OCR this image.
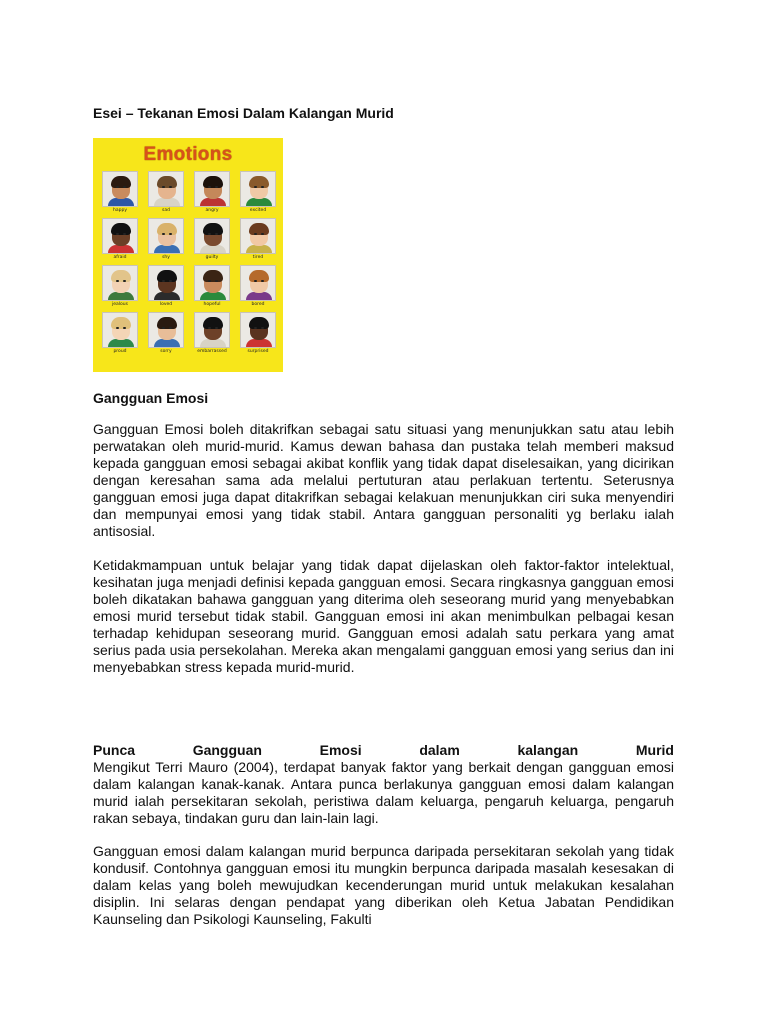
Esei – Tekanan Emosi Dalam Kalangan Murid
Emotions
happy	sad	angry	excited
afraid	shy	guilty	tired
jealous	loved	hopeful	bored
proud	sorry	embarrassed	surprised
Gangguan Emosi

Gangguan Emosi boleh ditakrifkan sebagai satu situasi yang menunjukkan satu atau lebih perwatakan oleh murid-murid. Kamus dewan bahasa dan pustaka telah memberi maksud kepada gangguan emosi sebagai akibat konflik yang tidak dapat diselesaikan, yang dicirikan dengan keresahan sama ada melalui pertuturan atau perlakuan tertentu. Seterusnya gangguan emosi juga dapat ditakrifkan sebagai kelakuan menunjukkan ciri suka menyendiri dan mempunyai emosi yang tidak stabil. Antara gangguan personaliti yg berlaku ialah antisosial.

Ketidakmampuan untuk belajar yang tidak dapat dijelaskan oleh faktor-faktor intelektual, kesihatan juga menjadi definisi kepada gangguan emosi. Secara ringkasnya gangguan emosi boleh dikatakan bahawa gangguan yang diterima oleh seseorang murid yang menyebabkan emosi murid tersebut tidak stabil. Gangguan emosi ini akan menimbulkan pelbagai kesan terhadap kehidupan seseorang murid. Gangguan emosi adalah satu perkara yang amat serius pada usia persekolahan. Mereka akan mengalami gangguan emosi yang serius dan ini menyebabkan stress kepada murid-murid.

Punca	Gangguan	Emosi	dalam	kalangan	Murid

Mengikut Terri Mauro (2004), terdapat banyak faktor yang berkait dengan gangguan emosi dalam kalangan kanak-kanak. Antara punca berlakunya gangguan emosi dalam kalangan murid ialah persekitaran sekolah, peristiwa dalam keluarga, pengaruh keluarga, pengaruh rakan sebaya, tindakan guru dan lain-lain lagi.

Gangguan emosi dalam kalangan murid berpunca daripada persekitaran sekolah yang tidak kondusif. Contohnya gangguan emosi itu mungkin berpunca daripada masalah kesesakan di dalam kelas yang boleh mewujudkan kecenderungan murid untuk melakukan kesalahan disiplin. Ini selaras dengan pendapat yang diberikan oleh Ketua Jabatan Pendidikan Kaunseling dan Psikologi Kaunseling, Fakulti
